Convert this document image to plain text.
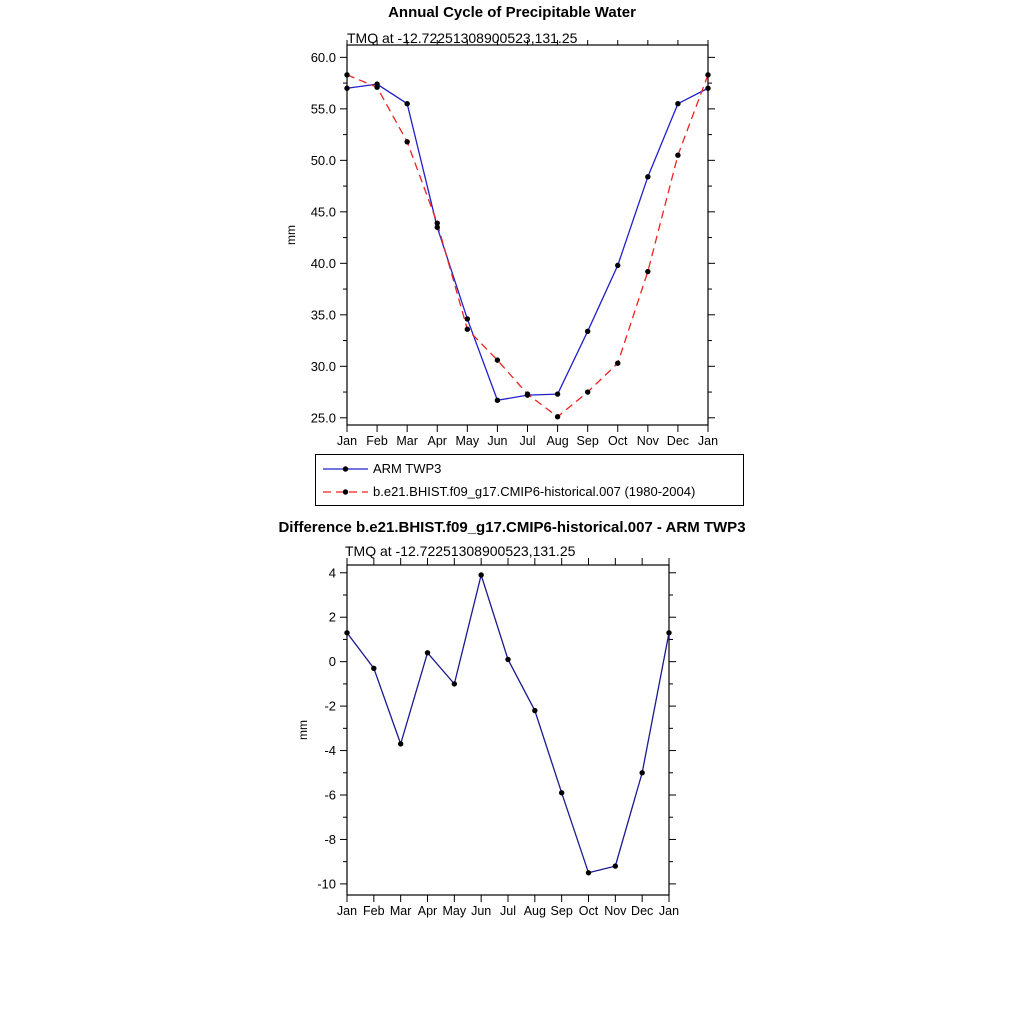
Annual Cycle of Precipitable Water
TMQ at -12.72251308900523,131.25
25.0
30.0
35.0
40.0
45.0
50.0
55.0
60.0
Jan Feb Mar Apr May Jun Jul Aug Sep Oct Nov Dec Jan
mm
ARM TWP3
b.e21.BHIST.f09_g17.CMIP6-historical.007 (1980-2004)
Difference b.e21.BHIST.f09_g17.CMIP6-historical.007 - ARM TWP3
TMQ at -12.72251308900523,131.25
-10
-8
-6
-4
-2
0
2
4
Jan Feb Mar Apr May Jun Jul Aug Sep Oct Nov Dec Jan
mm
